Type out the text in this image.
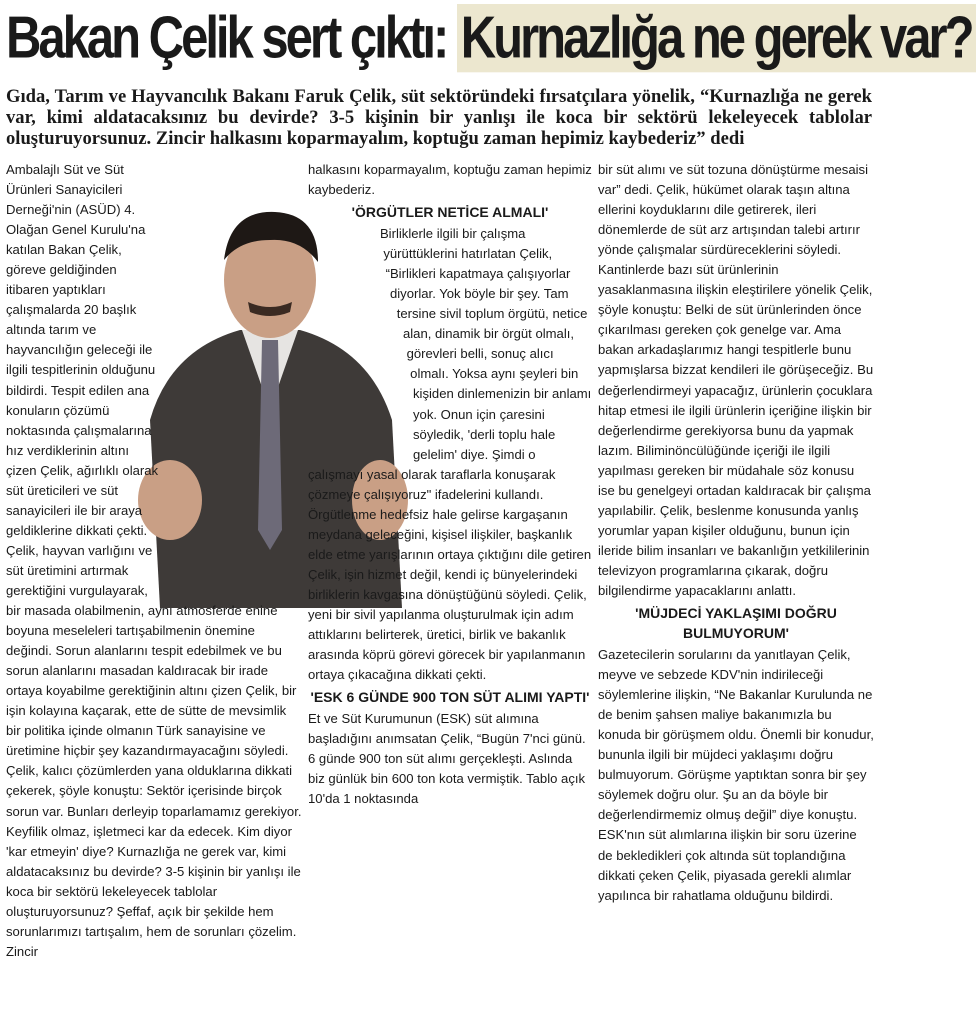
Bakan Çelik sert çıktı: Kurnazlığa ne gerek var?
Gıda, Tarım ve Hayvancılık Bakanı Faruk Çelik, süt sektöründeki fırsatçılara yönelik, “Kurnazlığa ne gerek var, kimi aldatacaksınız bu devirde? 3-5 kişinin bir yanlışı ile koca bir sektörü lekeleyecek tablolar oluşturuyorsunuz. Zincir halkasını koparmayalım, koptuğu zaman hepimiz kaybederiz” dedi

Ambalajlı Süt ve Süt Ürünleri Sanayicileri Derneği'nin (ASÜD) 4. Olağan Genel Kurulu'na katılan Bakan Çelik, göreve geldiğinden itibaren yaptıkları çalışmalarda 20 başlık altında tarım ve hayvancılığın geleceği ile ilgili tespitlerinin olduğunu bildirdi. Tespit edilen ana konuların çözümü noktasında çalışmalarına hız verdiklerinin altını çizen Çelik, ağırlıklı olarak süt üreticileri ve süt sanayicileri ile bir araya geldiklerine dikkati çekti. Çelik, hayvan varlığını ve süt üretimini artırmak gerektiğini vurgulayarak, bir masada olabilmenin, aynı atmosferde enine boyuna meseleleri tartışabilmenin önemine değindi. Sorun alanlarını tespit edebilmek ve bu sorun alanlarını masadan kaldıracak bir irade ortaya koyabilme gerektiğinin altını çizen Çelik, bir işin kolayına kaçarak, ette de sütte de mevsimlik bir politika içinde olmanın Türk sanayisine ve üretimine hiçbir şey kazandırmayacağını söyledi. Çelik, kalıcı çözümlerden yana olduklarına dikkati çekerek, şöyle konuştu: Sektör içerisinde birçok sorun var. Bunları derleyip toparlamamız gerekiyor. Keyfilik olmaz, işletmeci kar da edecek. Kim diyor 'kar etmeyin' diye? Kurnazlığa ne gerek var, kimi aldatacaksınız bu devirde? 3-5 kişinin bir yanlışı ile koca bir sektörü lekeleyecek tablolar oluşturuyorsunuz? Şeffaf, açık bir şekilde hem sorunlarımızı tartışalım, hem de sorunları çözelim. Zincir

halkasını koparmayalım, koptuğu zaman hepimiz kaybederiz.

'ÖRGÜTLER NETİCE ALMALI'

Birliklerle ilgili bir çalışma yürüttüklerini hatırlatan Çelik, “Birlikleri kapatmaya çalışıyorlar diyorlar. Yok böyle bir şey. Tam tersine sivil toplum örgütü, netice alan, dinamik bir örgüt olmalı, görevleri belli, sonuç alıcı olmalı. Yoksa aynı şeyleri bin kişiden dinlemenizin bir anlamı yok. Onun için çaresini söyledik, 'derli toplu hale gelelim' diye. Şimdi o çalışmayı yasal olarak taraflarla konuşarak çözmeye çalışıyoruz" ifadelerini kullandı.

Örgütlenme hedefsiz hale gelirse kargaşanın meydana geleceğini, kişisel ilişkiler, başkanlık elde etme yarışlarının ortaya çıktığını dile getiren Çelik, işin hizmet değil, kendi iç bünyelerindeki birliklerin kavgasına dönüştüğünü söyledi. Çelik, yeni bir sivil yapılanma oluşturulmak için adım attıklarını belirterek, üretici, birlik ve bakanlık arasında köprü görevi görecek bir yapılanmanın ortaya çıkacağına dikkati çekti.

'ESK 6 GÜNDE 900 TON SÜT ALIMI YAPTI'

Et ve Süt Kurumunun (ESK) süt alımına başladığını anımsatan Çelik, “Bugün 7'nci günü. 6 günde 900 ton süt alımı gerçekleşti. Aslında biz günlük bin 600 ton kota vermiştik. Tablo açık 10'da 1 noktasında

bir süt alımı ve süt tozuna dönüştürme mesaisi var” dedi. Çelik, hükümet olarak taşın altına ellerini koyduklarını dile getirerek, ileri dönemlerde de süt arz artışından talebi artırır yönde çalışmalar sürdüreceklerini söyledi. Kantinlerde bazı süt ürünlerinin yasaklanmasına ilişkin eleştirilere yönelik Çelik, şöyle konuştu: Belki de süt ürünlerinden önce çıkarılması gereken çok genelge var. Ama bakan arkadaşlarımız hangi tespitlerle bunu yapmışlarsa bizzat kendileri ile görüşeceğiz. Bu değerlendirmeyi yapacağız, ürünlerin çocuklara hitap etmesi ile ilgili ürünlerin içeriğine ilişkin bir değerlendirme gerekiyorsa bunu da yapmak lazım. Biliminöncülüğünde içeriği ile ilgili yapılması gereken bir müdahale söz konusu ise bu genelgeyi ortadan kaldıracak bir çalışma yapılabilir. Çelik, beslenme konusunda yanlış yorumlar yapan kişiler olduğunu, bunun için ileride bilim insanları ve bakanlığın yetkililerinin televizyon programlarına çıkarak, doğru bilgilendirme yapacaklarını anlattı.

'MÜJDECİ YAKLAŞIMI DOĞRU BULMUYORUM'

Gazetecilerin sorularını da yanıtlayan Çelik, meyve ve sebzede KDV'nin indirileceği söylemlerine ilişkin, “Ne Bakanlar Kurulunda ne de benim şahsen maliye bakanımızla bu konuda bir görüşmem oldu. Önemli bir konudur, bununla ilgili bir müjdeci yaklaşımı doğru bulmuyorum. Görüşme yaptıktan sonra bir şey söylemek doğru olur. Şu an da böyle bir değerlendirmemiz olmuş değil” diye konuştu. ESK'nın süt alımlarına ilişkin bir soru üzerine de bekledikleri çok altında süt toplandığına dikkati çeken Çelik, piyasada gerekli alımlar yapılınca bir rahatlama olduğunu bildirdi.
